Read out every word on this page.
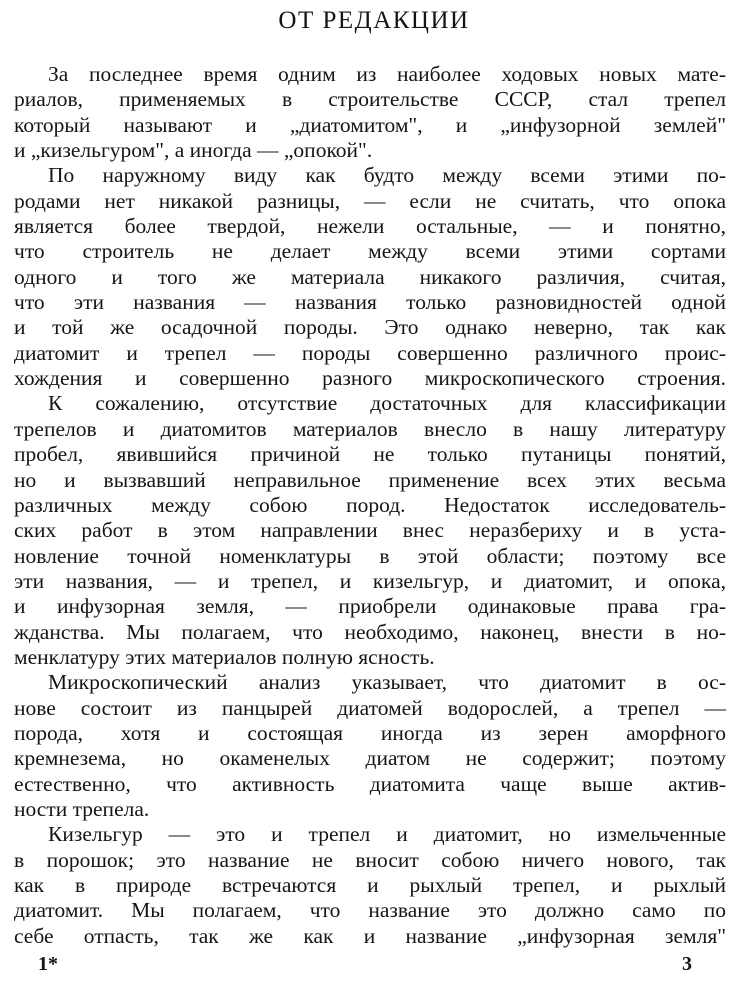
ОТ РЕДАКЦИИ
За последнее время одним из наиболее ходовых новых мате-
риалов, применяемых в строительстве СССР, стал трепел
который называют и „диатомитом", и „инфузорной землей"
и „кизельгуром", а иногда — „опокой".
По наружному виду как будто между всеми этими по-
родами нет никакой разницы, — если не считать, что опока
является более твердой, нежели остальные, — и понятно,
что строитель не делает между всеми этими сортами
одного и того же материала никакого различия, считая,
что эти названия — названия только разновидностей одной
и той же осадочной породы. Это однако неверно, так как
диатомит и трепел — породы совершенно различного проис-
хождения и совершенно разного микроскопического строения.
К сожалению, отсутствие достаточных для классификации
трепелов и диатомитов материалов внесло в нашу литературу
пробел, явившийся причиной не только путаницы понятий,
но и вызвавший неправильное применение всех этих весьма
различных между собою пород. Недостаток исследователь-
ских работ в этом направлении внес неразбериху и в уста-
новление точной номенклатуры в этой области; поэтому все
эти названия, — и трепел, и кизельгур, и диатомит, и опока,
и инфузорная земля, — приобрели одинаковые права гра-
жданства. Мы полагаем, что необходимо, наконец, внести в но-
менклатуру этих материалов полную ясность.
Микроскопический анализ указывает, что диатомит в ос-
нове состоит из панцырей диатомей водорослей, а трепел —
порода, хотя и состоящая иногда из зерен аморфного
кремнезема, но окаменелых диатом не содержит; поэтому
естественно, что активность диатомита чаще выше актив-
ности трепела.
Кизельгур — это и трепел и диатомит, но измельченные
в порошок; это название не вносит собою ничего нового, так
как в природе встречаются и рыхлый трепел, и рыхлый
диатомит. Мы полагаем, что название это должно само по
себе отпасть, так же как и название „инфузорная земля"
1*	3
